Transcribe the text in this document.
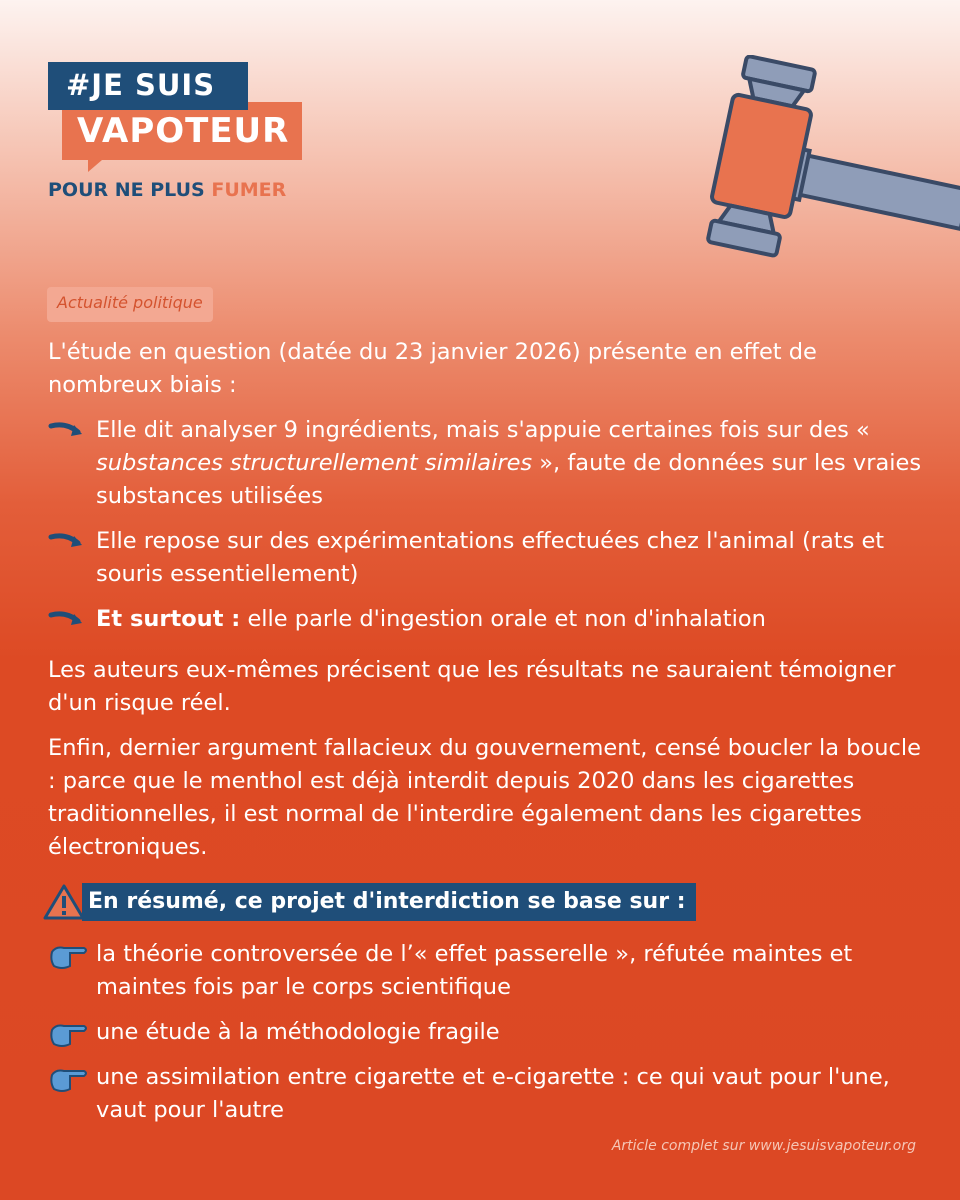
VAPOTEUR
#JE SUIS
POUR NE PLUS FUMER
Actualité politique

L'étude en question (datée du 23 janvier 2026) présente en effet de nombreux biais :

Elle dit analyser 9 ingrédients, mais s'appuie certaines fois sur des « substances structurellement similaires », faute de données sur les vraies substances utilisées
Elle repose sur des expérimentations effectuées chez l'animal (rats et souris essentiellement)
Et surtout : elle parle d'ingestion orale et non d'inhalation

Les auteurs eux-mêmes précisent que les résultats ne sauraient témoigner d'un risque réel.

Enfin, dernier argument fallacieux du gouvernement, censé boucler la boucle : parce que le menthol est déjà interdit depuis 2020 dans les cigarettes traditionnelles, il est normal de l'interdire également dans les cigarettes électroniques.

En résumé, ce projet d'interdiction se base sur :
la théorie controversée de l’« effet passerelle », réfutée maintes et maintes fois par le corps scientifique
une étude à la méthodologie fragile
une assimilation entre cigarette et e-cigarette : ce qui vaut pour l'une, vaut pour l'autre
Article complet sur www.jesuisvapoteur.org
